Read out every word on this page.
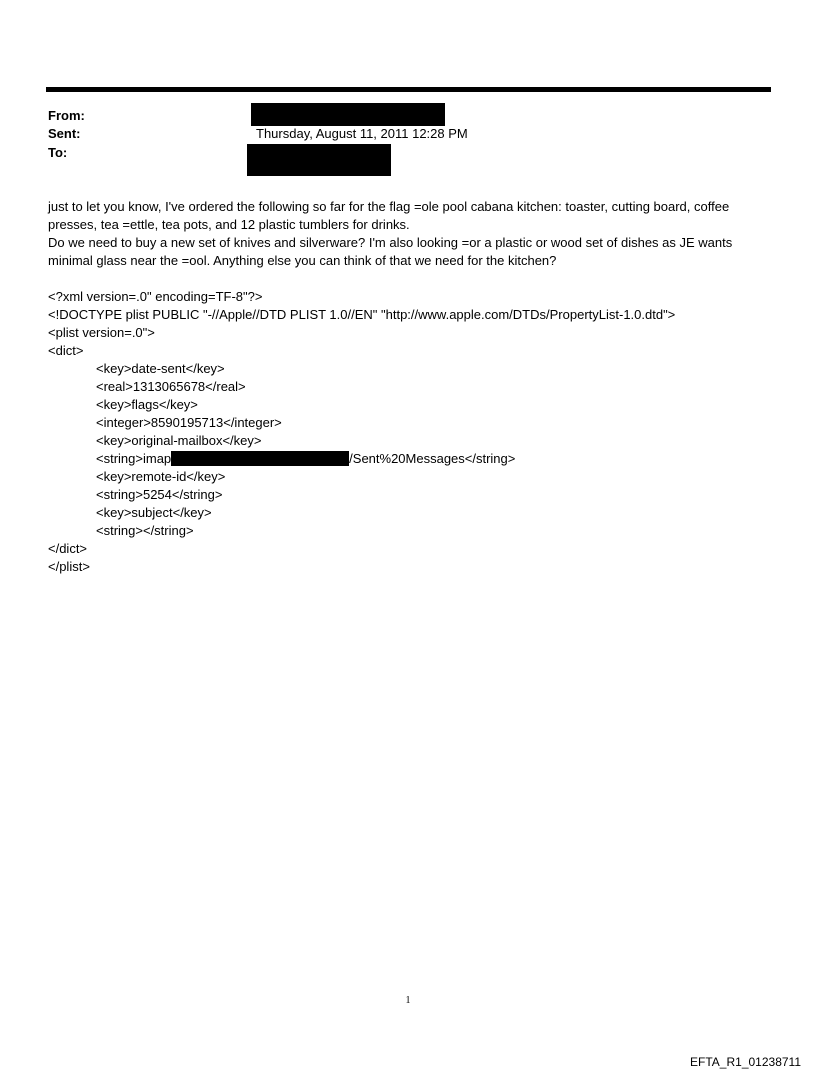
From:
Sent:	Thursday, August 11, 2011 12:28 PM
To:
just to let you know, I've ordered the following so far for the flag =ole pool cabana kitchen: toaster, cutting board, coffee
presses, tea =ettle, tea pots, and 12 plastic tumblers for drinks.
Do we need to buy a new set of knives and silverware? I'm also looking =or a plastic or wood set of dishes as JE wants
minimal glass near the =ool. Anything else you can think of that we need for the kitchen?
<?xml version=.0" encoding=TF-8"?>
<!DOCTYPE plist PUBLIC "-//Apple//DTD PLIST 1.0//EN" "http://www.apple.com/DTDs/PropertyList-1.0.dtd">
<plist version=.0">
<dict>
<key>date-sent</key>
<real>1313065678</real>
<key>flags</key>
<integer>8590195713</integer>
<key>original-mailbox</key>
<string>imap	/Sent%20Messages</string>
<key>remote-id</key>
<string>5254</string>
<key>subject</key>
<string></string>
</dict>
</plist>
1
EFTA_R1_01238711
